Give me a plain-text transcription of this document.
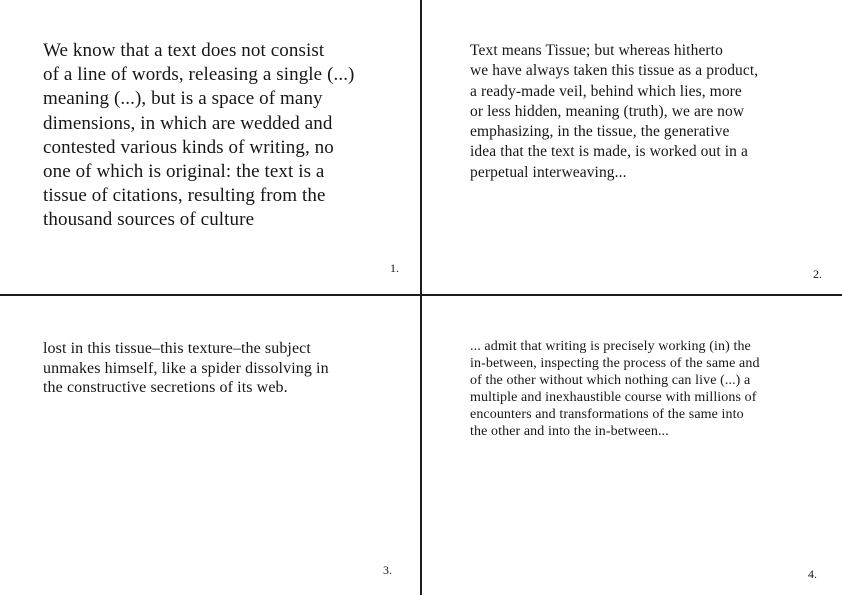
We know that a text does not consist
of a line of words, releasing a single (...)
meaning (...), but is a space of many
dimensions, in which are wedded and
contested various kinds of writing, no
one of which is original: the text is a
tissue of citations, resulting from the
thousand sources of culture
1.
Text means Tissue; but whereas hitherto
we have always taken this tissue as a product,
a ready-made veil, behind which lies, more
or less hidden, meaning (truth), we are now
emphasizing, in the tissue, the generative
idea that the text is made, is worked out in a
perpetual interweaving...
2.
lost in this tissue–this texture–the subject
unmakes himself, like a spider dissolving in
the constructive secretions of its web.
3.
... admit that writing is precisely working (in) the
in-between, inspecting the process of the same and
of the other without which nothing can live (...) a
multiple and inexhaustible course with millions of
encounters and transformations of the same into
the other and into the in-between...
4.
